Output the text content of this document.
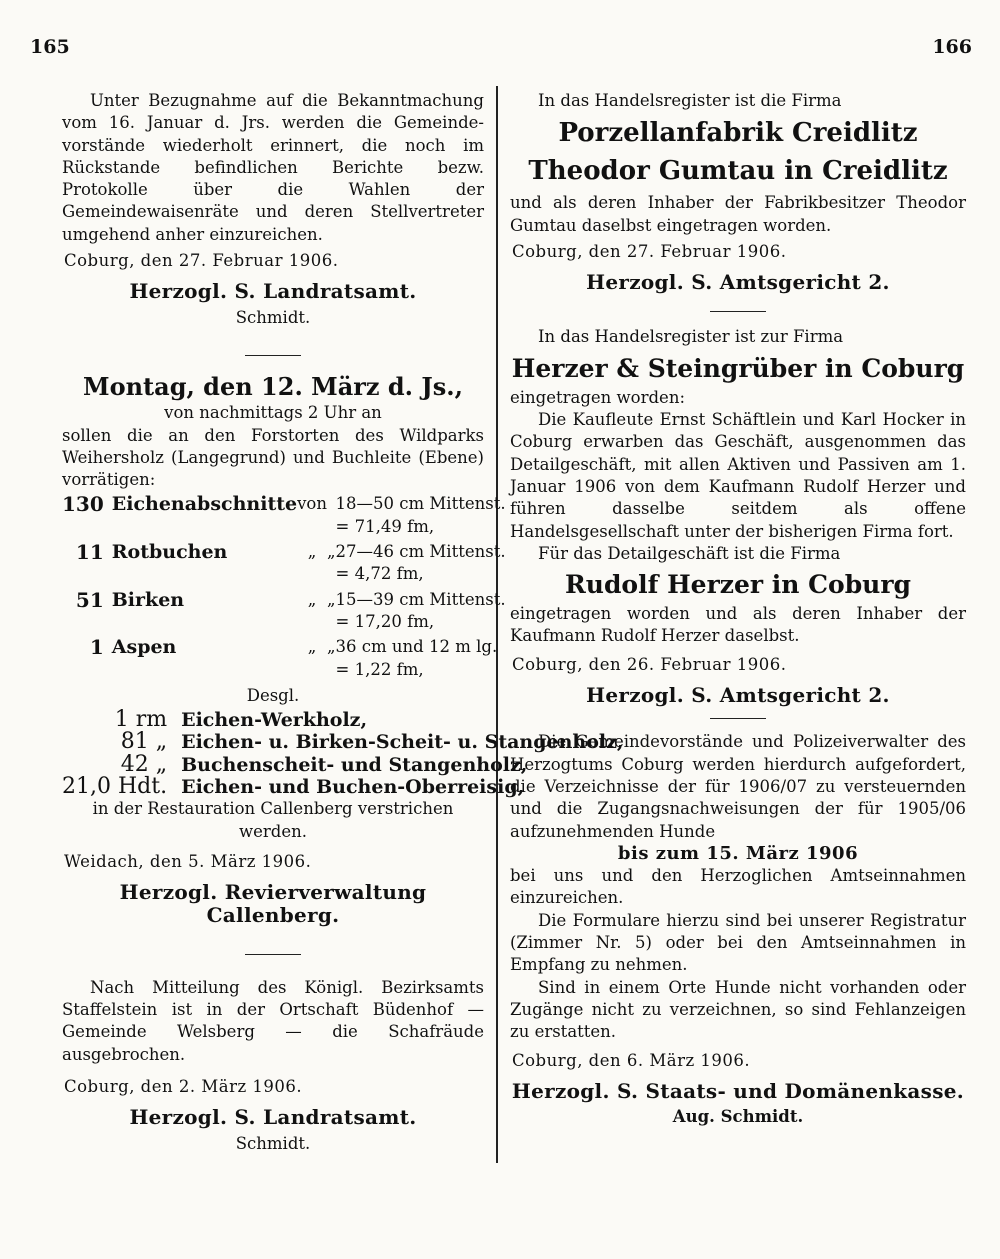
165	166

Unter Bezugnahme auf die Bekanntmachung vom 16. Januar d. Jrs. werden die Gemeinde-vorstände wiederholt erinnert, die noch im Rückstande befindlichen Berichte bezw. Protokolle über die Wahlen der Gemeindewaisenräte und deren Stellvertreter umgehend anher einzureichen.

Coburg, den 27. Februar 1906.

Herzogl. S. Landratsamt.

Schmidt.

Montag, den 12. März d. Js.,

von nachmittags 2 Uhr an

sollen die an den Forstorten des Wildparks Weihersholz (Langegrund) und Buchleite (Ebene) vorrätigen:

130	Eichenabschnitte	von		18—50 cm Mittenst.
				= 71,49 fm,
11	Rotbuchen	„	„	27—46 cm Mittenst.
				= 4,72 fm,
51	Birken	„	„	15—39 cm Mittenst.
				= 17,20 fm,
1	Aspen	„	„	36 cm und 12 m lg.
				= 1,22 fm,

Desgl.

1 rm	Eichen-Werkholz,
81 „	Eichen- u. Birken-Scheit- u. Stangenholz,
42 „	Buchenscheit- und Stangenholz,
21,0 Hdt.	Eichen- und Buchen-Oberreisig,

in der Restauration Callenberg verstrichen werden.

Weidach, den 5. März 1906.

Herzogl. Revierverwaltung Callenberg.

Nach Mitteilung des Königl. Bezirksamts Staffelstein ist in der Ortschaft Büdenhof — Gemeinde Welsberg — die Schafräude ausgebrochen.

Coburg, den 2. März 1906.

Herzogl. S. Landratsamt.

Schmidt.

In das Handelsregister ist die Firma

Porzellanfabrik Creidlitz

Theodor Gumtau in Creidlitz

und als deren Inhaber der Fabrikbesitzer Theodor Gumtau daselbst eingetragen worden.

Coburg, den 27. Februar 1906.

Herzogl. S. Amtsgericht 2.

In das Handelsregister ist zur Firma

Herzer & Steingrüber in Coburg

eingetragen worden:

Die Kaufleute Ernst Schäftlein und Karl Hocker in Coburg erwarben das Geschäft, ausgenommen das Detailgeschäft, mit allen Aktiven und Passiven am 1. Januar 1906 von dem Kaufmann Rudolf Herzer und führen dasselbe seitdem als offene Handelsgesellschaft unter der bisherigen Firma fort.

Für das Detailgeschäft ist die Firma

Rudolf Herzer in Coburg

eingetragen worden und als deren Inhaber der Kaufmann Rudolf Herzer daselbst.

Coburg, den 26. Februar 1906.

Herzogl. S. Amtsgericht 2.

Die Gemeindevorstände und Polizeiverwalter des Herzogtums Coburg werden hierdurch aufgefordert, die Verzeichnisse der für 1906/07 zu versteuernden und die Zugangsnachweisungen der für 1905/06 aufzunehmenden Hunde

bis zum 15. März 1906

bei uns und den Herzoglichen Amtseinnahmen einzureichen.

Die Formulare hierzu sind bei unserer Registratur (Zimmer Nr. 5) oder bei den Amtseinnahmen in Empfang zu nehmen.

Sind in einem Orte Hunde nicht vorhanden oder Zugänge nicht zu verzeichnen, so sind Fehlanzeigen zu erstatten.

Coburg, den 6. März 1906.

Herzogl. S. Staats- und Domänenkasse.

Aug. Schmidt.
